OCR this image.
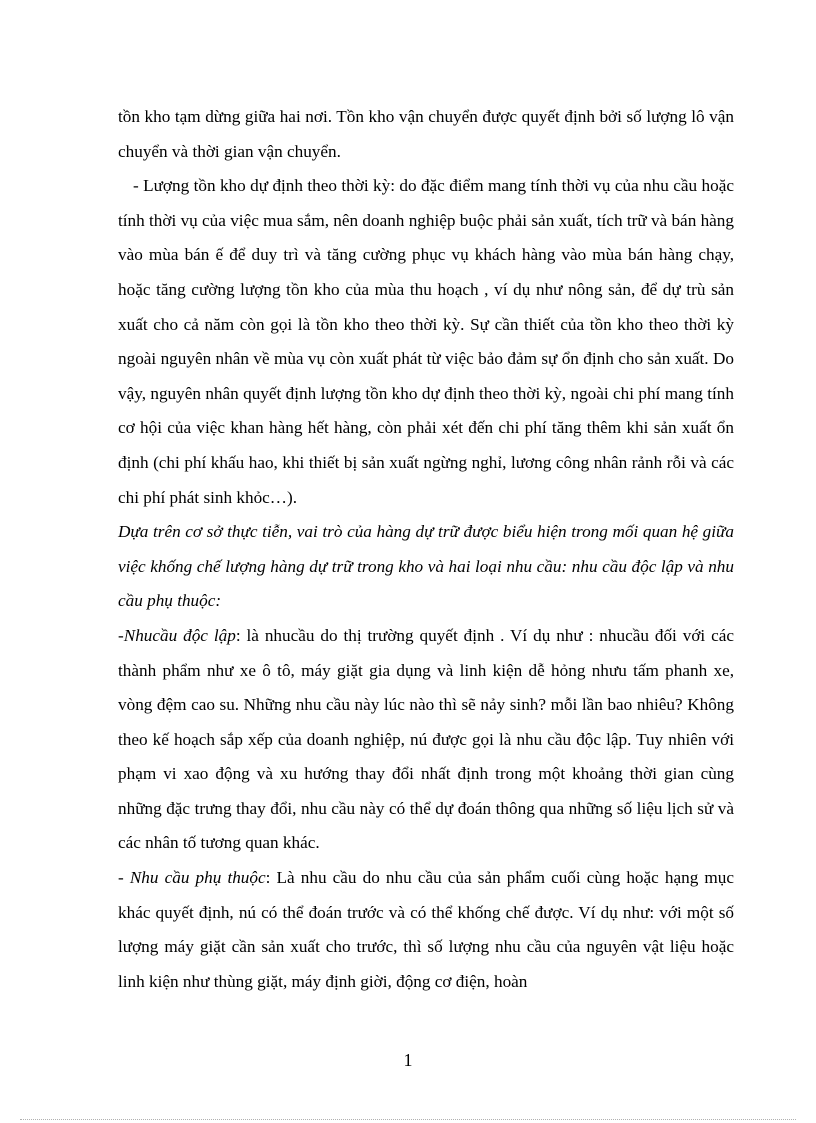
tồn kho tạm dừng giữa hai nơi. Tồn kho vận chuyển được quyết định bởi số lượng lô vận chuyển và thời gian vận chuyển.

- Lượng tồn kho dự định theo thời kỳ: do đặc điểm mang tính thời vụ của nhu cầu hoặc tính thời vụ của việc mua sắm, nên doanh nghiệp buộc phải sản xuất, tích trữ và bán hàng vào mùa bán ế để duy trì và tăng cường phục vụ khách hàng vào mùa bán hàng chạy, hoặc tăng cường lượng tồn kho của mùa thu hoạch , ví dụ như nông sản, để dự trù sản xuất cho cả năm còn gọi là tồn kho theo thời kỳ. Sự cần thiết của tồn kho theo thời kỳ ngoài nguyên nhân về mùa vụ còn xuất phát từ việc bảo đảm sự ổn định cho sản xuất. Do vậy, nguyên nhân quyết định lượng tồn kho dự định theo thời kỳ, ngoài chi phí mang tính cơ hội của việc khan hàng hết hàng, còn phải xét đến chi phí tăng thêm khi sản xuất ổn định (chi phí khấu hao, khi thiết bị sản xuất ngừng nghỉ, lương công nhân rảnh rỗi và các chi phí phát sinh khỏc…).

Dựa trên cơ sở thực tiễn, vai trò của hàng dự trữ được biểu hiện trong mối quan hệ giữa việc khống chế lượng hàng dự trữ trong kho và hai loại nhu cầu: nhu cầu độc lập và nhu cầu phụ thuộc:

-Nhucầu độc lập: là nhucầu do thị trường quyết định . Ví dụ như : nhucầu đối với các thành phẩm như xe ô tô, máy giặt gia dụng và linh kiện dễ hỏng nhưu tấm phanh xe, vòng đệm cao su. Những nhu cầu này lúc nào thì sẽ nảy sinh? mỗi lần bao nhiêu? Không theo kế hoạch sắp xếp của doanh nghiệp, nú được gọi là nhu cầu độc lập. Tuy nhiên với phạm vi xao động và xu hướng thay đổi nhất định trong một khoảng thời gian cùng những đặc trưng thay đổi, nhu cầu này có thể dự đoán thông qua những số liệu lịch sử và các nhân tố tương quan khác.

- Nhu cầu phụ thuộc: Là nhu cầu do nhu cầu của sản phẩm cuối cùng hoặc hạng mục khác quyết định, nú có thể đoán trước và có thể khống chế được. Ví dụ như: với một số lượng máy giặt cần sản xuất cho trước, thì số lượng nhu cầu của nguyên vật liệu hoặc linh kiện như thùng giặt, máy định giời, động cơ điện, hoàn

1
